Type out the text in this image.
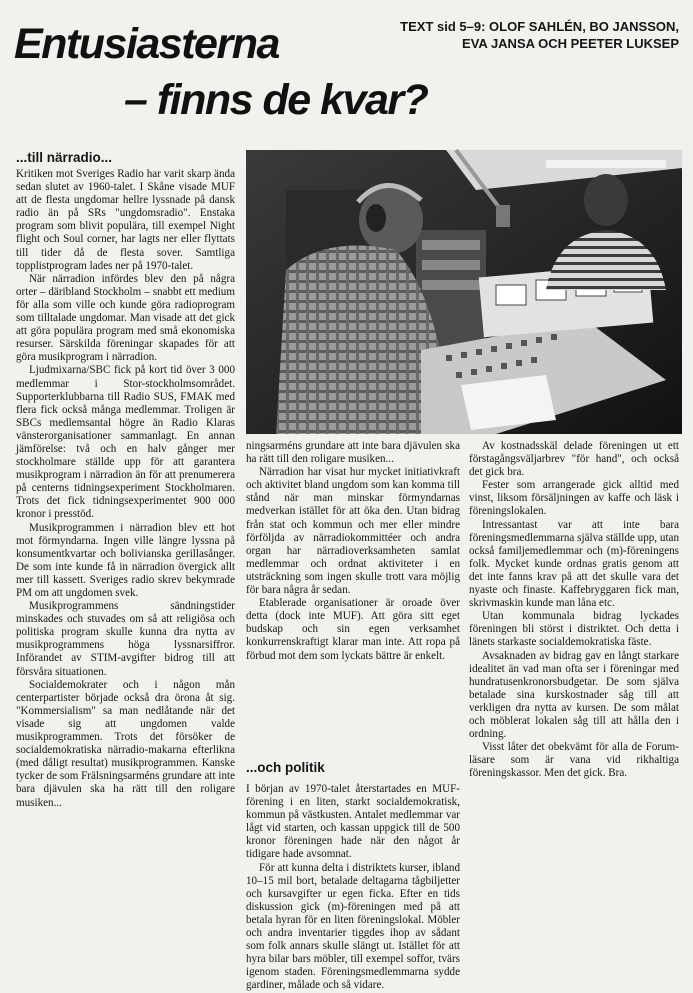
Entusiasterna
– finns de kvar?
TEXT sid 5–9: OLOF SAHLÉN, BO JANSSON,
EVA JANSA OCH PEETER LUKSEP
...till närradio...

Kritiken mot Sveriges Radio har varit skarp ända sedan slutet av 1960-talet. I Skåne visade MUF att de flesta ungdomar hellre lyssnade på dansk radio än på SRs "ungdomsradio". Enstaka program som blivit populära, till exempel Night flight och Soul corner, har lagts ner eller flyttats till tider då de flesta sover. Samtliga topplistprogram lades ner på 1970-talet.

När närradion infördes blev den på några orter – däribland Stockholm – snabbt ett medium för alla som ville och kunde göra radioprogram som tilltalade ungdomar. Man visade att det gick att göra populära program med små ekonomiska resurser. Särskilda föreningar skapades för att göra musikprogram i närradion.

Ljudmixarna/SBC fick på kort tid över 3 000 medlemmar i Stor-stockholmsområdet. Supporterklubbarna till Radio SUS, FMAK med flera fick också många medlemmar. Troligen är SBCs medlemsantal högre än Radio Klaras vänsterorganisationer sammanlagt. En annan jämförelse: två och en halv gånger mer stockholmare ställde upp för att garantera musikprogram i närradion än för att prenumerera på centerns tidningsexperiment Stockholmaren. Trots det fick tidningsexperimentet 900 000 kronor i presstöd.

Musikprogrammen i närradion blev ett hot mot förmyndarna. Ingen ville längre lyssna på konsumentkvartar och bolivianska gerillasånger. De som inte kunde få in närradion övergick allt mer till kassett. Sveriges radio skrev bekymrade PM om att ungdomen svek.

Musikprogrammens sändningstider minskades och stuvades om så att religiösa och politiska program skulle kunna dra nytta av musikprogrammens höga lyssnarsiffror. Införandet av STIM-avgifter bidrog till att försvåra situationen.

Socialdemokrater och i någon mån centerpartister började också dra örona åt sig. "Kommersialism" sa man nedlåtande när det visade sig att ungdomen valde musikprogrammen. Trots det försöker de socialdemokratiska närradio-makarna efterlikna (med dåligt resultat) musikprogrammen. Kanske tycker de som Frälsningsarméns grundare att inte bara djävulen ska ha rätt till den roligare musiken...

ningsarméns grundare att inte bara djävulen ska ha rätt till den roligare musiken...

Närradion har visat hur mycket initiativkraft och aktivitet bland ungdom som kan komma till stånd när man minskar förmyndarnas medverkan istället för att öka den. Utan bidrag från stat och kommun och mer eller mindre förföljda av närradiokommittéer och andra organ har närradioverksamheten samlat medlemmar och ordnat aktiviteter i en utsträckning som ingen skulle trott vara möjlig för bara några år sedan.

Etablerade organisationer är oroade över detta (dock inte MUF). Att göra sitt eget budskap och sin egen verksamhet konkurrenskraftigt klarar man inte. Att ropa på förbud mot dem som lyckats bättre är enkelt.

...och politik

I början av 1970-talet återstartades en MUF-förening i en liten, starkt socialdemokratisk, kommun på västkusten. Antalet medlemmar var lågt vid starten, och kassan uppgick till de 500 kronor föreningen hade när den något år tidigare hade avsomnat.

För att kunna delta i distriktets kurser, ibland 10–15 mil bort, betalade deltagarna tågbiljetter och kursavgifter ur egen ficka. Efter en tids diskussion gick (m)-föreningen med på att betala hyran för en liten föreningslokal. Möbler och andra inventarier tiggdes ihop av sådant som folk annars skulle slängt ut. Istället för att hyra bilar bars möbler, till exempel soffor, tvärs igenom staden. Föreningsmedlemmarna sydde gardiner, målade och så vidare.

Av kostnadsskäl delade föreningen ut ett förstagångsväljarbrev "för hand", och också det gick bra.

Fester som arrangerade gick alltid med vinst, liksom försäljningen av kaffe och läsk i föreningslokalen.

Intressantast var att inte bara föreningsmedlemmarna själva ställde upp, utan också familjemedlemmar och (m)-föreningens folk. Mycket kunde ordnas gratis genom att det inte fanns krav på att det skulle vara det nyaste och finaste. Kaffebryggaren fick man, skrivmaskin kunde man låna etc.

Utan kommunala bidrag lyckades föreningen bli störst i distriktet. Och detta i länets starkaste socialdemokratiska fäste.

Avsaknaden av bidrag gav en långt starkare idealitet än vad man ofta ser i föreningar med hundratusenkronorsbudgetar. De som själva betalade sina kurskostnader såg till att verkligen dra nytta av kursen. De som målat och möblerat lokalen såg till att hålla den i ordning.

Visst låter det obekvämt för alla de Forum-läsare som är vana vid rikhaltiga föreningskassor. Men det gick. Bra.
